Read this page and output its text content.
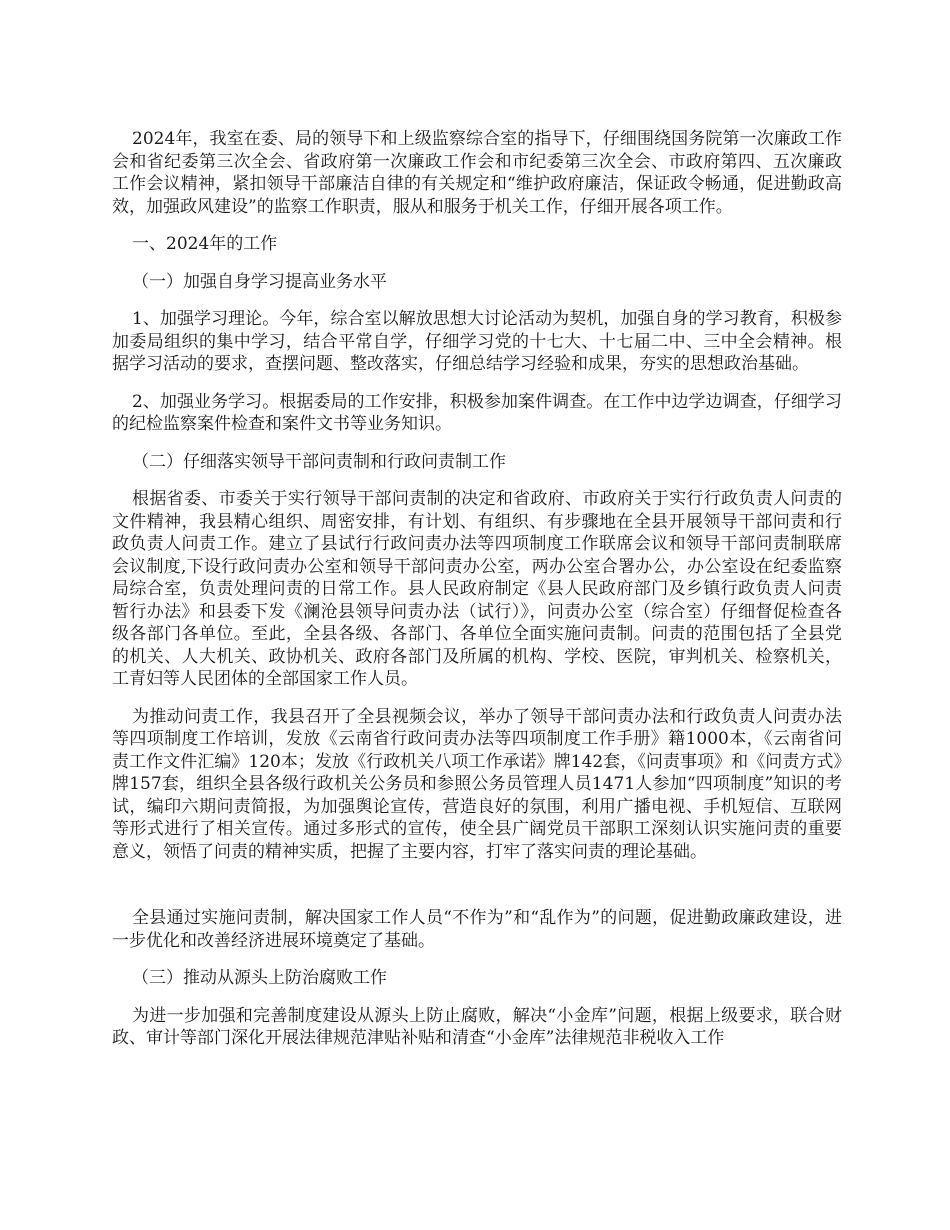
2024年，我室在委、局的领导下和上级监察综合室的指导下，仔细围绕国务院第一次廉政工作会和省纪委第三次全会、省政府第一次廉政工作会和市纪委第三次全会、市政府第四、五次廉政工作会议精神，紧扣领导干部廉洁自律的有关规定和“维护政府廉洁，保证政令畅通，促进勤政高效，加强政风建设”的监察工作职责，服从和服务于机关工作，仔细开展各项工作。

一、2024年的工作

（一）加强自身学习提高业务水平

1、加强学习理论。今年，综合室以解放思想大讨论活动为契机，加强自身的学习教育，积极参加委局组织的集中学习，结合平常自学，仔细学习党的十七大、十七届二中、三中全会精神。根据学习活动的要求，查摆问题、整改落实，仔细总结学习经验和成果，夯实的思想政治基础。

2、加强业务学习。根据委局的工作安排，积极参加案件调查。在工作中边学边调查，仔细学习的纪检监察案件检查和案件文书等业务知识。

（二）仔细落实领导干部问责制和行政问责制工作

根据省委、市委关于实行领导干部问责制的决定和省政府、市政府关于实行行政负责人问责的文件精神，我县精心组织、周密安排，有计划、有组织、有步骤地在全县开展领导干部问责和行政负责人问责工作。建立了县试行行政问责办法等四项制度工作联席会议和领导干部问责制联席会议制度,下设行政问责办公室和领导干部问责办公室，两办公室合署办公，办公室设在纪委监察局综合室，负责处理问责的日常工作。县人民政府制定《县人民政府部门及乡镇行政负责人问责暂行办法》和县委下发《澜沧县领导问责办法（试行）》，问责办公室（综合室）仔细督促检查各级各部门各单位。至此，全县各级、各部门、各单位全面实施问责制。问责的范围包括了全县党的机关、人大机关、政协机关、政府各部门及所属的机构、学校、医院，审判机关、检察机关，工青妇等人民团体的全部国家工作人员。

为推动问责工作，我县召开了全县视频会议，举办了领导干部问责办法和行政负责人问责办法等四项制度工作培训，发放《云南省行政问责办法等四项制度工作手册》籍1000本，《云南省问责工作文件汇编》120本；发放《行政机关八项工作承诺》牌142套，《问责事项》和《问责方式》牌157套，组织全县各级行政机关公务员和参照公务员管理人员1471人参加“四项制度”知识的考试，编印六期问责简报，为加强舆论宣传，营造良好的氛围，利用广播电视、手机短信、互联网等形式进行了相关宣传。通过多形式的宣传，使全县广阔党员干部职工深刻认识实施问责的重要意义，领悟了问责的精神实质，把握了主要内容，打牢了落实问责的理论基础。

全县通过实施问责制，解决国家工作人员“不作为”和“乱作为”的问题，促进勤政廉政建设，进一步优化和改善经济进展环境奠定了基础。

（三）推动从源头上防治腐败工作

为进一步加强和完善制度建设从源头上防止腐败，解决“小金库”问题，根据上级要求，联合财政、审计等部门深化开展法律规范津贴补贴和清查“小金库”法律规范非税收入工作
